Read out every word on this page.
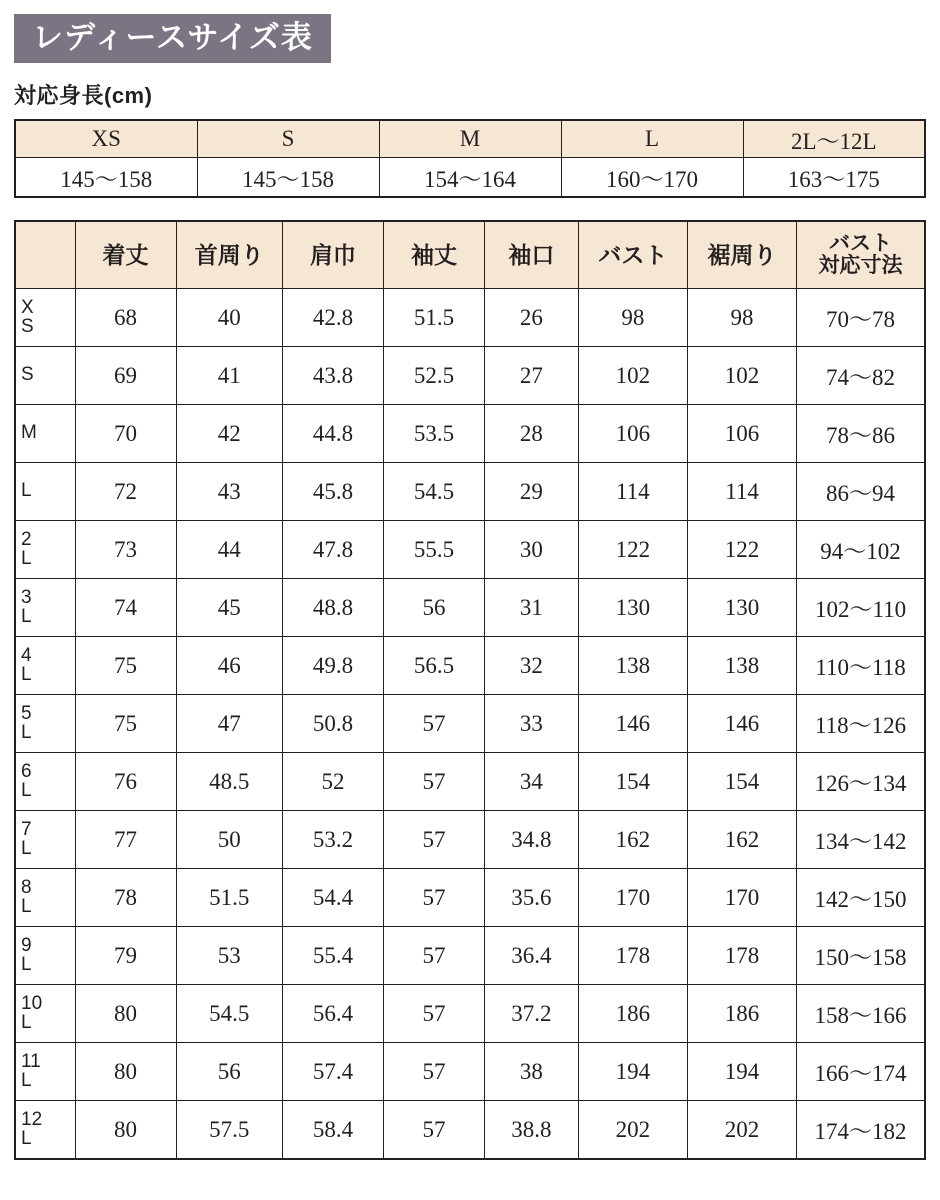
レディースサイズ表
対応身長(cm)
XS	S	M	L	2L〜12L
145〜158	145〜158	154〜164	160〜170	163〜175
	着丈	首周り	肩巾	袖丈	袖口	バスト	裾周り	バスト
対応寸法

X
S	68	40	42.8	51.5	26	98	98	70〜78

S	69	41	43.8	52.5	27	102	102	74〜82

M	70	42	44.8	53.5	28	106	106	78〜86

L	72	43	45.8	54.5	29	114	114	86〜94

2
L	73	44	47.8	55.5	30	122	122	94〜102

3
L	74	45	48.8	56	31	130	130	102〜110

4
L	75	46	49.8	56.5	32	138	138	110〜118

5
L	75	47	50.8	57	33	146	146	118〜126

6
L	76	48.5	52	57	34	154	154	126〜134

7
L	77	50	53.2	57	34.8	162	162	134〜142

8
L	78	51.5	54.4	57	35.6	170	170	142〜150

9
L	79	53	55.4	57	36.4	178	178	150〜158

10
L	80	54.5	56.4	57	37.2	186	186	158〜166

11
L	80	56	57.4	57	38	194	194	166〜174

12
L	80	57.5	58.4	57	38.8	202	202	174〜182
